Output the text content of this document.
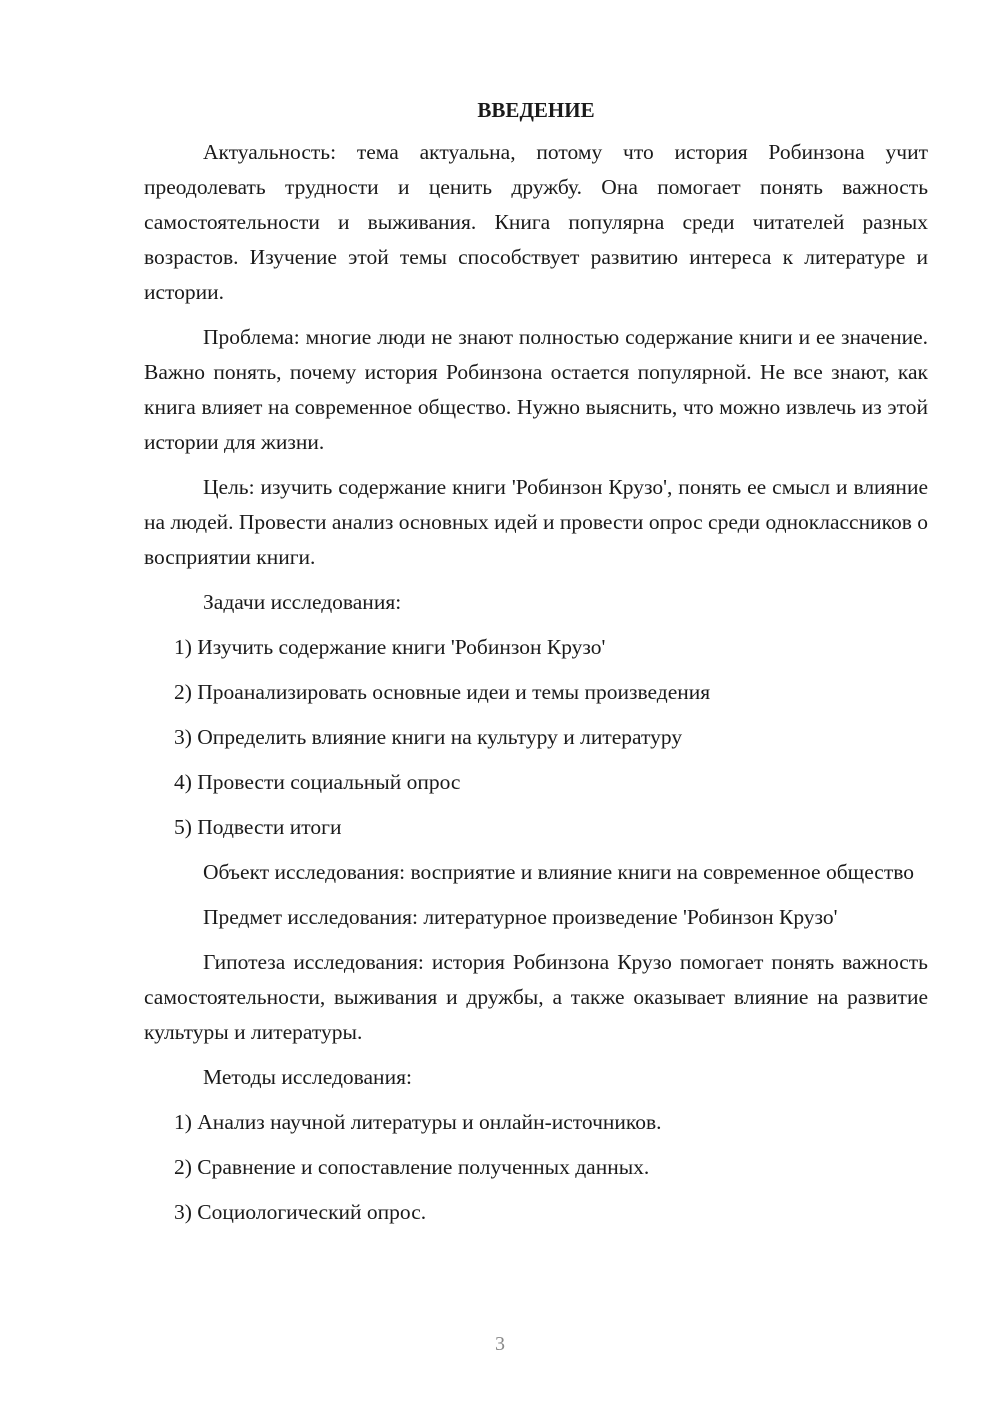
ВВЕДЕНИЕ

Актуальность: тема актуальна, потому что история Робинзона учит преодолевать трудности и ценить дружбу. Она помогает понять важность самостоятельности и выживания. Книга популярна среди читателей разных возрастов. Изучение этой темы способствует развитию интереса к литературе и истории.

Проблема: многие люди не знают полностью содержание книги и ее значение. Важно понять, почему история Робинзона остается популярной. Не все знают, как книга влияет на современное общество. Нужно выяснить, что можно извлечь из этой истории для жизни.

Цель: изучить содержание книги 'Робинзон Крузо', понять ее смысл и влияние на людей. Провести анализ основных идей и провести опрос среди одноклассников о восприятии книги.

Задачи исследования:

1) Изучить содержание книги 'Робинзон Крузо'

2) Проанализировать основные идеи и темы произведения

3) Определить влияние книги на культуру и литературу

4) Провести социальный опрос

5) Подвести итоги

Объект исследования: восприятие и влияние книги на современное общество

Предмет исследования: литературное произведение 'Робинзон Крузо'

Гипотеза исследования: история Робинзона Крузо помогает понять важность самостоятельности, выживания и дружбы, а также оказывает влияние на развитие культуры и литературы.

Методы исследования:

1) Анализ научной литературы и онлайн-источников.

2) Сравнение и сопоставление полученных данных.

3) Социологический опрос.

3
